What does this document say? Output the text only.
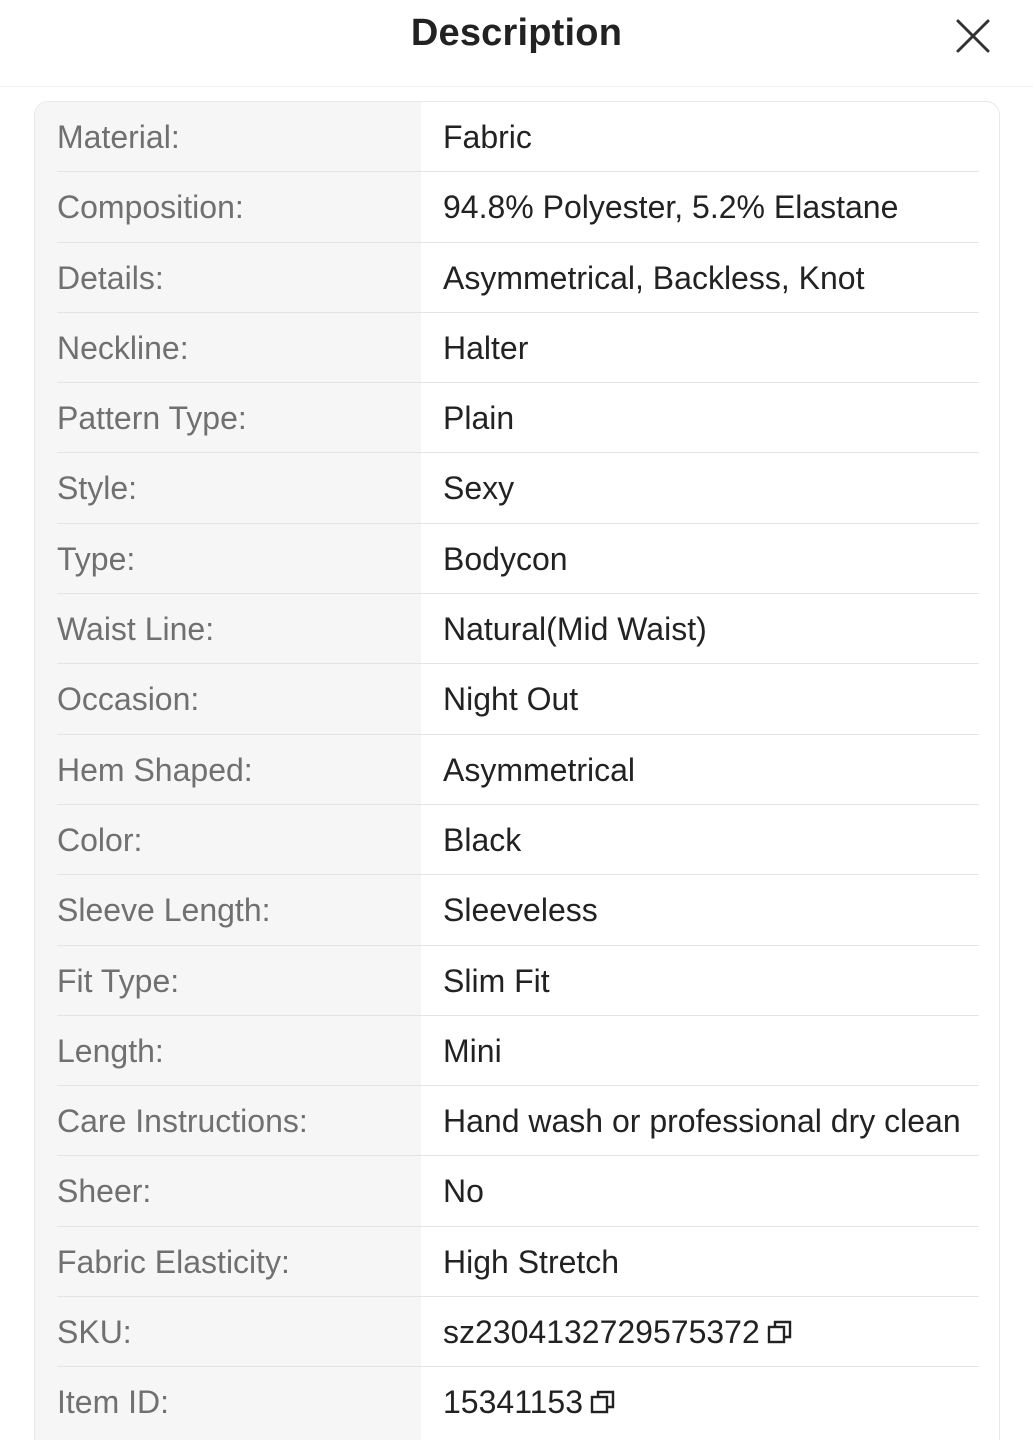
Description
Material:	Fabric
Composition:	94.8% Polyester, 5.2% Elastane
Details:	Asymmetrical, Backless, Knot
Neckline:	Halter
Pattern Type:	Plain
Style:	Sexy
Type:	Bodycon
Waist Line:	Natural(Mid Waist)
Occasion:	Night Out
Hem Shaped:	Asymmetrical
Color:	Black
Sleeve Length:	Sleeveless
Fit Type:	Slim Fit
Length:	Mini
Care Instructions:	Hand wash or professional dry clean
Sheer:	No
Fabric Elasticity:	High Stretch
SKU:	sz2304132729575372
Item ID:	15341153
